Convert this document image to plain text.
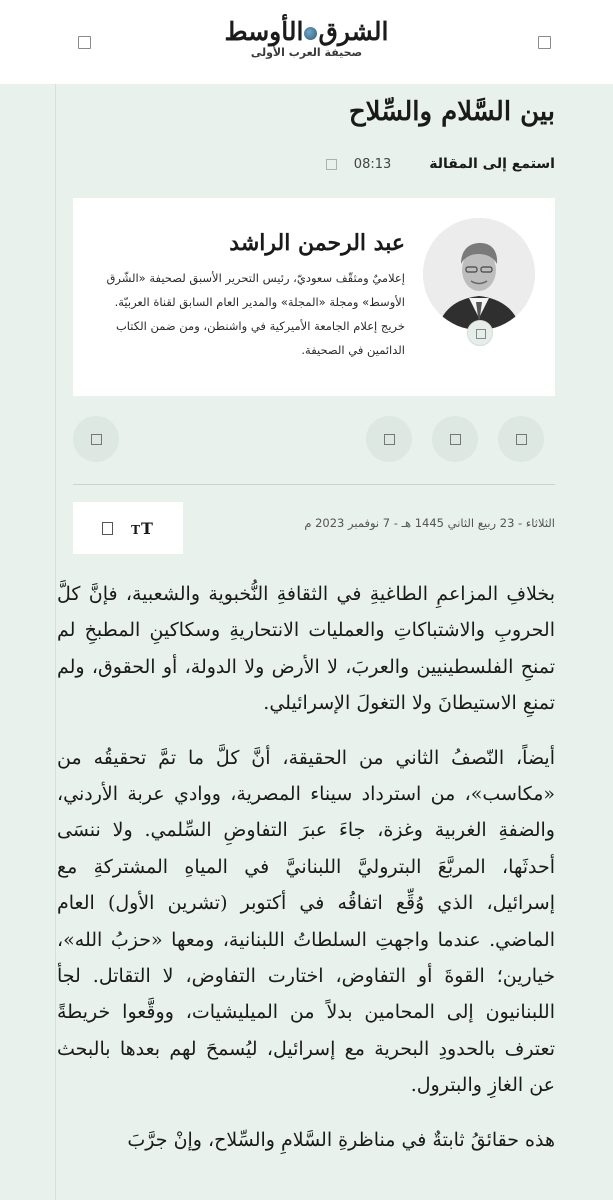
الشرقالأوسط
صحيفة العرب الأولى
بين السَّلام والسِّلاح
استمع إلى المقالة
08:13
عبد الرحمن الراشد
إعلاميٌ ومثقّف سعوديّ، رئيس التحرير الأسبق لصحيفة «الشّرق الأوسط» ومجلة «المجلة» والمدير العام السابق لقناة العربيّة. خريج إعلام الجامعة الأميركية في واشنطن، ومن ضمن الكتاب الدائمين في الصحيفة.
TT	الثلاثاء - 23 ربيع الثاني 1445 هـ - 7 نوفمبر 2023 م

بخلافِ المزاعمِ الطاغيةِ في الثقافةِ النُّخبوية والشعبية، فإنَّ كلَّ الحروبِ والاشتباكاتِ والعمليات الانتحاريةِ وسكاكينِ المطبخِ لم تمنحِ الفلسطينيين والعربَ، لا الأرض ولا الدولة، أو الحقوق، ولم تمنعِ الاستيطانَ ولا التغولَ الإسرائيلي.

أيضاً، النّصفُ الثاني من الحقيقة، أنَّ كلَّ ما تمَّ تحقيقُه من «مكاسب»، من استرداد سيناء المصرية، ووادي عربة الأردني، والضفةِ الغربية وغزة، جاءَ عبرَ التفاوضِ السِّلمي. ولا ننسَى أحدثَها، المربَّعَ البتروليَّ اللبنانيَّ في المياهِ المشتركةِ مع إسرائيل، الذي وُقِّع اتفاقُه في أكتوبر (تشرين الأول) العام الماضي. عندما واجهتِ السلطاتُ اللبنانية، ومعها «حزبُ الله»، خيارين؛ القوةَ أو التفاوض، اختارت التفاوض، لا التقاتل. لجأ اللبنانيون إلى المحامين بدلاً من الميليشيات، ووقَّعوا خريطةً تعترف بالحدودِ البحرية مع إسرائيل، ليُسمحَ لهم بعدها بالبحث عن الغازِ والبترول.

هذه حقائقُ ثابتةٌ في مناظرةِ السَّلامِ والسِّلاح، وإنْ جرَّبَ
